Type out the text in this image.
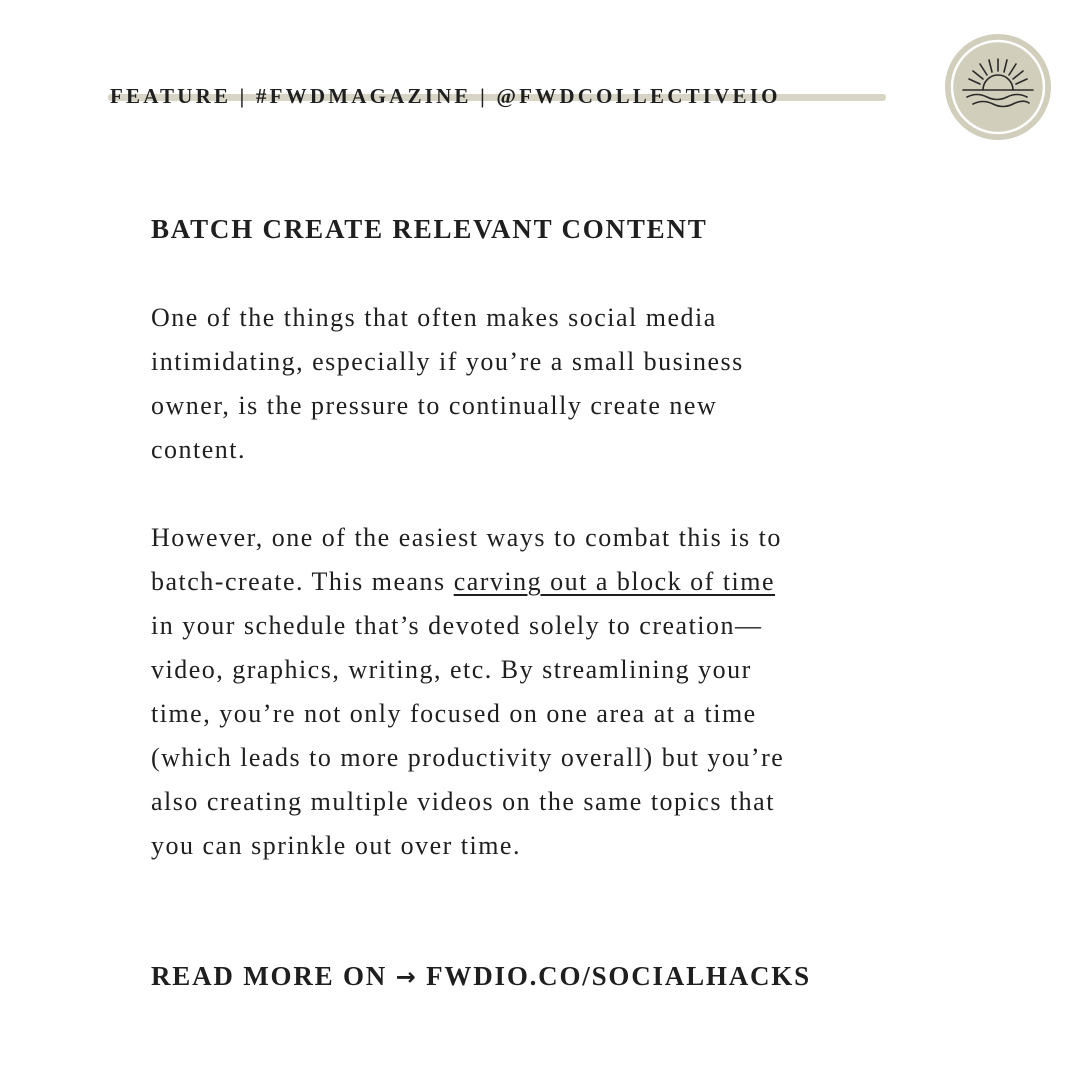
FEATURE | #FWDMAGAZINE | @FWDCOLLECTIVEIO
BATCH CREATE RELEVANT CONTENT

One of the things that often makes social media
intimidating, especially if you’re a small business
owner, is the pressure to continually create new
content.

However, one of the easiest ways to combat this is to
batch-create. This means carving out a block of time
in your schedule that’s devoted solely to creation—
video, graphics, writing, etc. By streamlining your
time, you’re not only focused on one area at a time
(which leads to more productivity overall) but you’re
also creating multiple videos on the same topics that
you can sprinkle out over time.

READ MORE ON → FWDIO.CO/SOCIALHACKS
